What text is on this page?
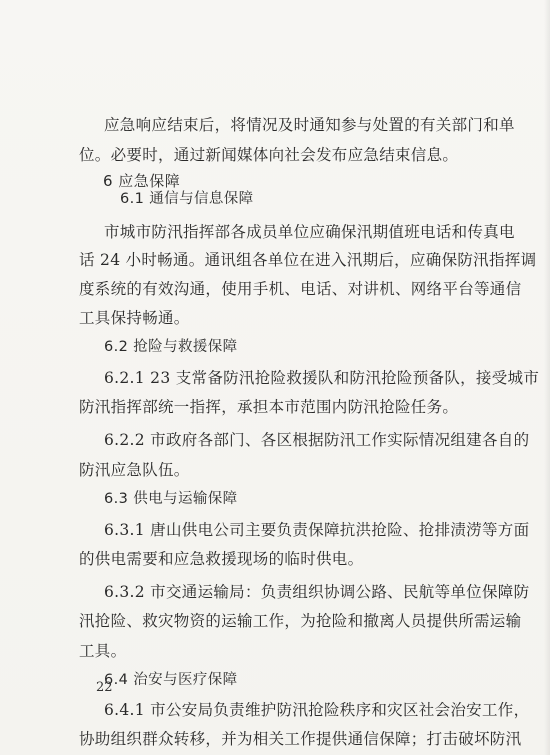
应急响应结束后，将情况及时通知参与处置的有关部门和单
位。必要时，通过新闻媒体向社会发布应急结束信息。
6 应急保障
6.1 通信与信息保障
市城市防汛指挥部各成员单位应确保汛期值班电话和传真电
话 24 小时畅通。通讯组各单位在进入汛期后，应确保防汛指挥调
度系统的有效沟通，使用手机、电话、对讲机、网络平台等通信
工具保持畅通。
6.2 抢险与救援保障
6.2.1 23 支常备防汛抢险救援队和防汛抢险预备队，接受城市
防汛指挥部统一指挥，承担本市范围内防汛抢险任务。
6.2.2 市政府各部门、各区根据防汛工作实际情况组建各自的
防汛应急队伍。
6.3 供电与运输保障
6.3.1 唐山供电公司主要负责保障抗洪抢险、抢排渍涝等方面
的供电需要和应急救援现场的临时供电。
6.3.2 市交通运输局：负责组织协调公路、民航等单位保障防
汛抢险、救灾物资的运输工作，为抢险和撤离人员提供所需运输
工具。
6.4 治安与医疗保障
6.4.1 市公安局负责维护防汛抢险秩序和灾区社会治安工作，
协助组织群众转移，并为相关工作提供通信保障；打击破坏防汛
22
